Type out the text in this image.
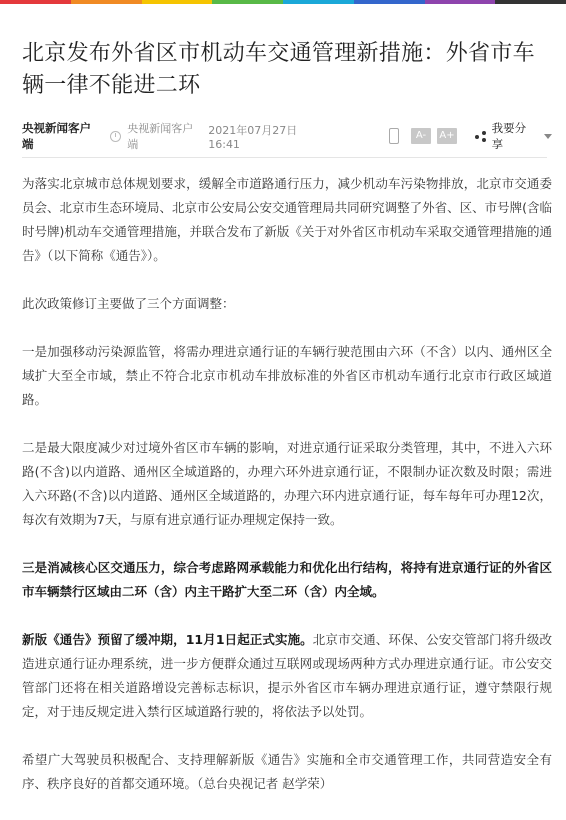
北京发布外省区市机动车交通管理新措施：外省市车辆一律不能进二环
央视新闻客户端
央视新闻客户端
2021年07月27日 16:41
A-	A+
我要分享

为落实北京城市总体规划要求，缓解全市道路通行压力，减少机动车污染物排放，北京市交通委员会、北京市生态环境局、北京市公安局公安交通管理局共同研究调整了外省、区、市号牌(含临时号牌)机动车交通管理措施，并联合发布了新版《关于对外省区市机动车采取交通管理措施的通告》（以下简称《通告》）。

此次政策修订主要做了三个方面调整：

一是加强移动污染源监管，将需办理进京通行证的车辆行驶范围由六环（不含）以内、通州区全域扩大至全市域，禁止不符合北京市机动车排放标准的外省区市机动车通行北京市行政区域道路。

二是最大限度减少对过境外省区市车辆的影响，对进京通行证采取分类管理，其中，不进入六环路(不含)以内道路、通州区全域道路的，办理六环外进京通行证，不限制办证次数及时限；需进入六环路(不含)以内道路、通州区全域道路的，办理六环内进京通行证，每车每年可办理12次，每次有效期为7天，与原有进京通行证办理规定保持一致。

三是消减核心区交通压力，综合考虑路网承载能力和优化出行结构，将持有进京通行证的外省区市车辆禁行区域由二环（含）内主干路扩大至二环（含）内全域。

新版《通告》预留了缓冲期，11月1日起正式实施。北京市交通、环保、公安交管部门将升级改造进京通行证办理系统，进一步方便群众通过互联网或现场两种方式办理进京通行证。市公安交管部门还将在相关道路增设完善标志标识，提示外省区市车辆办理进京通行证，遵守禁限行规定，对于违反规定进入禁行区域道路行驶的，将依法予以处罚。

希望广大驾驶员积极配合、支持理解新版《通告》实施和全市交通管理工作，共同营造安全有序、秩序良好的首都交通环境。（总台央视记者 赵学荣）
